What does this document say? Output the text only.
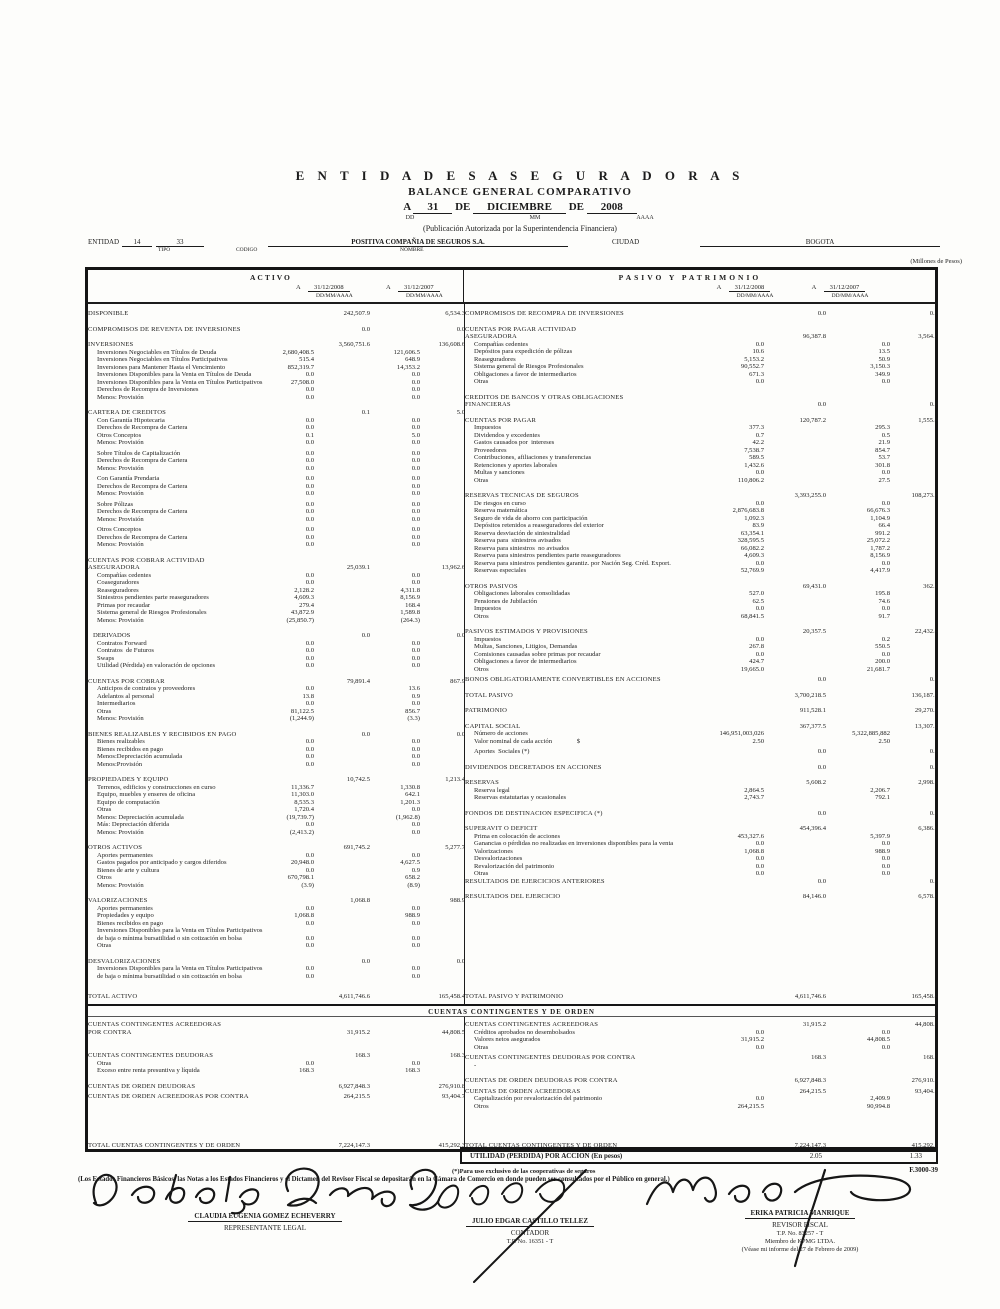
E N T I D A D E S A S E G U R A D O R A S
BALANCE GENERAL COMPARATIVO
A 31 DE DICIEMBRE DE 2008
DD	MM	AAAA
(Publicación Autorizada por la Superintendencia Financiera)
ENTIDAD	14	33
TIPO	CODIGO
POSITIVA COMPAÑIA DE SEGUROS S.A.
NOMBRE
CIUDAD	BOGOTA
(Millones de Pesos)
ACTIVO
A	31/12/2008
DD/MM/AAAA
A	31/12/2007
DD/MM/AAAA
PASIVO Y PATRIMONIO
A	31/12/2008
DD/MM/AAAA
A	31/12/2007
DD/MM/AAAA
DISPONIBLE	242,507.9	6,534.3
COMPROMISOS DE REVENTA DE INVERSIONES	0.0	0.0
INVERSIONES	3,560,751.6	136,608.6
Inversiones Negociables en Títulos de Deuda	2,680,408.5	121,606.5
Inversiones Negociables en Títulos Participativos	515.4	648.9
Inversiones para Mantener Hasta el Vencimiento	852,319.7	14,353.2
Inversiones Disponibles para la Venta en Títulos de Deuda	0.0	0.0
Inversiones Disponibles para la Venta en Títulos Participativos	27,508.0	0.0
Derechos de Recompra de Inversiones	0.0	0.0
Menos: Provisión	0.0	0.0
CARTERA DE CREDITOS	0.1	5.0
Con Garantía Hipotecaria	0.0	0.0
Derechos de Recompra de Cartera	0.0	0.0
Otros Conceptos	0.1	5.0
Menos: Provisión	0.0	0.0
Sobre Títulos de Capitalización	0.0	0.0
Derechos de Recompra de Cartera	0.0	0.0
Menos: Provisión	0.0	0.0
Con Garantía Prendaria	0.0	0.0
Derechos de Recompra de Cartera	0.0	0.0
Menos: Provisión	0.0	0.0
Sobre Pólizas	0.0	0.0
Derechos de Recompra de Cartera	0.0	0.0
Menos: Provisión	0.0	0.0
Otros Conceptos	0.0	0.0
Derechos de Recompra de Cartera	0.0	0.0
Menos: Provisión	0.0	0.0
CUENTAS POR COBRAR ACTIVIDAD
ASEGURADORA	25,039.1	13,962.6
Compañías cedentes	0.0	0.0
Coaseguradores	0.0	0.0
Reaseguradores	2,128.2	4,311.8
Siniestros pendientes parte reaseguradores	4,609.3	8,156.9
Primas por recaudar	279.4	168.4
Sistema general de Riesgos Profesionales	43,872.9	1,589.8
Menos: Provisión	(25,850.7)	(264.3)
DERIVADOS	0.0	0.0
Contratos Forward	0.0	0.0
Contratos  de Futuros	0.0	0.0
Swaps	0.0	0.0
Utilidad (Pérdida) en valoración de opciones	0.0	0.0
CUENTAS POR COBRAR	79,891.4	867.9
Anticipos de contratos y proveedores	0.0	13.6
Adelantos al personal	13.8	0.9
Intermediarios	0.0	0.0
Otras	81,122.5	856.7
Menos: Provisión	(1,244.9)	(3.3)
BIENES REALIZABLES Y RECIBIDOS EN PAGO	0.0	0.0
Bienes realizables	0.0	0.0
Bienes recibidos en pago	0.0	0.0
Menos:Depreciación acumulada	0.0	0.0
Menos:Provisión	0.0	0.0
PROPIEDADES Y EQUIPO	10,742.5	1,213.4
Terrenos, edificios y construcciones en curso	11,336.7	1,330.8
Equipo, muebles y enseres de oficina	11,303.0	642.1
Equipo de computación	8,535.3	1,201.3
Otras	1,720.4	0.0
Menos: Depreciación acumulada	(19,739.7)	(1,962.8)
Más: Depreciación diferida	0.0	0.0
Menos: Provisión	(2,413.2)	0.0
OTROS ACTIVOS	691,745.2	5,277.7
Aportes permanentes	0.0	0.0
Gastos pagados por anticipado y cargos diferidos	20,948.0	4,627.5
Bienes de arte y cultura	0.0	0.9
Otros	670,798.1	658.2
Menos: Provisión	(3.9)	(8.9)
VALORIZACIONES	1,068.8	988.9
Aportes permanentes	0.0	0.0
Propiedades y equipo	1,068.8	988.9
Bienes recibidos en pago	0.0	0.0
Inversiones Disponibles para la Venta en Títulos Participativos
de baja o mínima bursatilidad o sin cotización en bolsa	0.0	0.0
Otras	0.0	0.0
DESVALORIZACIONES	0.0	0.0
Inversiones Disponibles para la Venta en Títulos Participativos	0.0	0.0
de baja o mínima bursatilidad o sin cotización en bolsa	0.0	0.0
TOTAL ACTIVO	4,611,746.6	165,458.4
COMPROMISOS DE RECOMPRA DE INVERSIONES	0.0	0.0
CUENTAS POR PAGAR ACTIVIDAD
ASEGURADORA	96,387.8	3,564.6
Compañías cedentes	0.0	0.0
Depósitos para expedición de pólizas	10.6	13.5
Reaseguradores	5,153.2	50.9
Sistema general de Riesgos Profesionales	90,552.7	3,150.3
Obligaciones a favor de intermediarios	671.3	349.9
Otras	0.0	0.0
CREDITOS DE BANCOS Y OTRAS OBLIGACIONES
FINANCIERAS	0.0	0.0
CUENTAS POR PAGAR	120,787.2	1,555.4
Impuestos	377.3	295.3
Dividendos y excedentes	0.7	0.5
Gastos causados por  intereses	42.2	21.9
Proveedores	7,538.7	854.7
Contribuciones, afiliaciones y transferencias	589.5	53.7
Retenciones y aportes laborales	1,432.6	301.8
Multas y sanciones	0.0	0.0
Otras	110,806.2	27.5
RESERVAS TECNICAS DE SEGUROS	3,393,255.0	108,273.0
De riesgos en curso	0.0	0.0
Reserva matemática	2,876,683.8	66,676.3
Seguro de vida de ahorro con participación	1,092.3	1,104.9
Depósitos retenidos a reaseguradores del exterior	83.9	66.4
Reserva desviación de siniestralidad	63,354.1	991.2
Reserva para  siniestros avisados	328,595.5	25,072.2
Reserva para siniestros  no avisados	66,082.2	1,787.2
Reserva para siniestros pendientes parte reaseguradores	4,609.3	8,156.9
Reserva para siniestros pendientes garantiz. por Nación Seg. Créd. Export.	0.0	0.0
Reservas especiales	52,769.9	4,417.9
OTROS PASIVOS	69,431.0	362.1
Obligaciones laborales consolidadas	527.0	195.8
Pensiones de Jubilación	62.5	74.6
Impuestos	0.0	0.0
Otros	68,841.5	91.7
PASIVOS ESTIMADOS Y PROVISIONES	20,357.5	22,432.4
Impuestos	0.0	0.2
Multas, Sanciones, Litigios, Demandas	267.8	550.5
Comisiones causadas sobre primas por recaudar	0.0	0.0
Obligaciones a favor de intermediarios	424.7	200.0
Otros	19,665.0	21,681.7
BONOS OBLIGATORIAMENTE CONVERTIBLES EN ACCIONES	0.0	0.0
TOTAL PASIVO	3,700,218.5	136,187.5
PATRIMONIO	911,528.1	29,270.9
CAPITAL SOCIAL	367,377.5	13,307.2
Número de acciones	146,951,003,026	5,322,885,882
Valor nominal de cada acción               $	2.50	2.50
Aportes  Sociales (*)	0.0	0.0
DIVIDENDOS DECRETADOS EN ACCIONES	0.0	0.0
RESERVAS	5,608.2	2,998.8
Reserva legal	2,864.5	2,206.7
Reservas estatutarias y ocasionales	2,743.7	792.1
FONDOS DE DESTINACION ESPECIFICA (*)	0.0	0.0
SUPERAVIT O DEFICIT	454,396.4	6,386.8
Prima en colocación de acciones	453,327.6	5,397.9
Ganancias o pérdidas no realizadas en inversiones disponibles para la venta	0.0	0.0
Valorizaciones	1,068.8	988.9
Desvalorizaciones	0.0	0.0
Revalorización del patrimonio	0.0	0.0
Otras	0.0	0.0
RESULTADOS DE EJERCICIOS ANTERIORES	0.0	0.0
RESULTADOS DEL EJERCICIO	84,146.0	6,578.1
TOTAL PASIVO Y PATRIMONIO	4,611,746.6	165,458.4
CUENTAS CONTINGENTES Y DE ORDEN
CUENTAS CONTINGENTES ACREEDORAS
POR CONTRA	31,915.2	44,808.5
CUENTAS CONTINGENTES DEUDORAS	168.3	168.3
Otras	0.0	0.0
Exceso entre renta presuntiva y líquida	168.3	168.3
CUENTAS DE ORDEN DEUDORAS	6,927,848.3	276,910.8
CUENTAS DE ORDEN ACREEDORAS POR CONTRA	264,215.5	93,404.7
TOTAL CUENTAS CONTINGENTES Y DE ORDEN	7,224,147.3	415,292.3
CUENTAS CONTINGENTES ACREEDORAS	31,915.2	44,808.5
Créditos aprobados no desembolsados	0.0	0.0
Valores netos asegurados	31,915.2	44,808.5
Otras	0.0	0.0
CUENTAS CONTINGENTES DEUDORAS POR CONTRA	168.3	168.3
-
CUENTAS DE ORDEN DEUDORAS POR CONTRA	6,927,848.3	276,910.8
CUENTAS DE ORDEN ACREEDORAS	264,215.5	93,404.7
Capitalización por revalorización del patrimonio	0.0	2,409.9
Otros	264,215.5	90,994.8
TOTAL CUENTAS CONTINGENTES Y DE ORDEN	7,224,147.3	415,292.3
UTILIDAD (PERDIDA) POR ACCION (En pesos)	2.05	1.33
(*)Para uso exclusivo de las cooperativas de seguros	F.3000-39
(Los Estados Financieros Básicos, las Notas a los Estados Financieros y el Dictamen del Revisor Fiscal se depositarán en la Cámara de Comercio en donde pueden ser consultados por el Público en general.)
CLAUDIA EUGENIA GOMEZ ECHEVERRY
REPRESENTANTE LEGAL
JULIO EDGAR CASTILLO TELLEZ
CONTADOR
T.P. No. 16351 - T
ERIKA PATRICIA MANRIQUE
REVISOR FISCAL
T.P. No. 83257 - T
Miembro de KPMG LTDA.
(Véase mi informe del 27 de Febrero de 2009)
